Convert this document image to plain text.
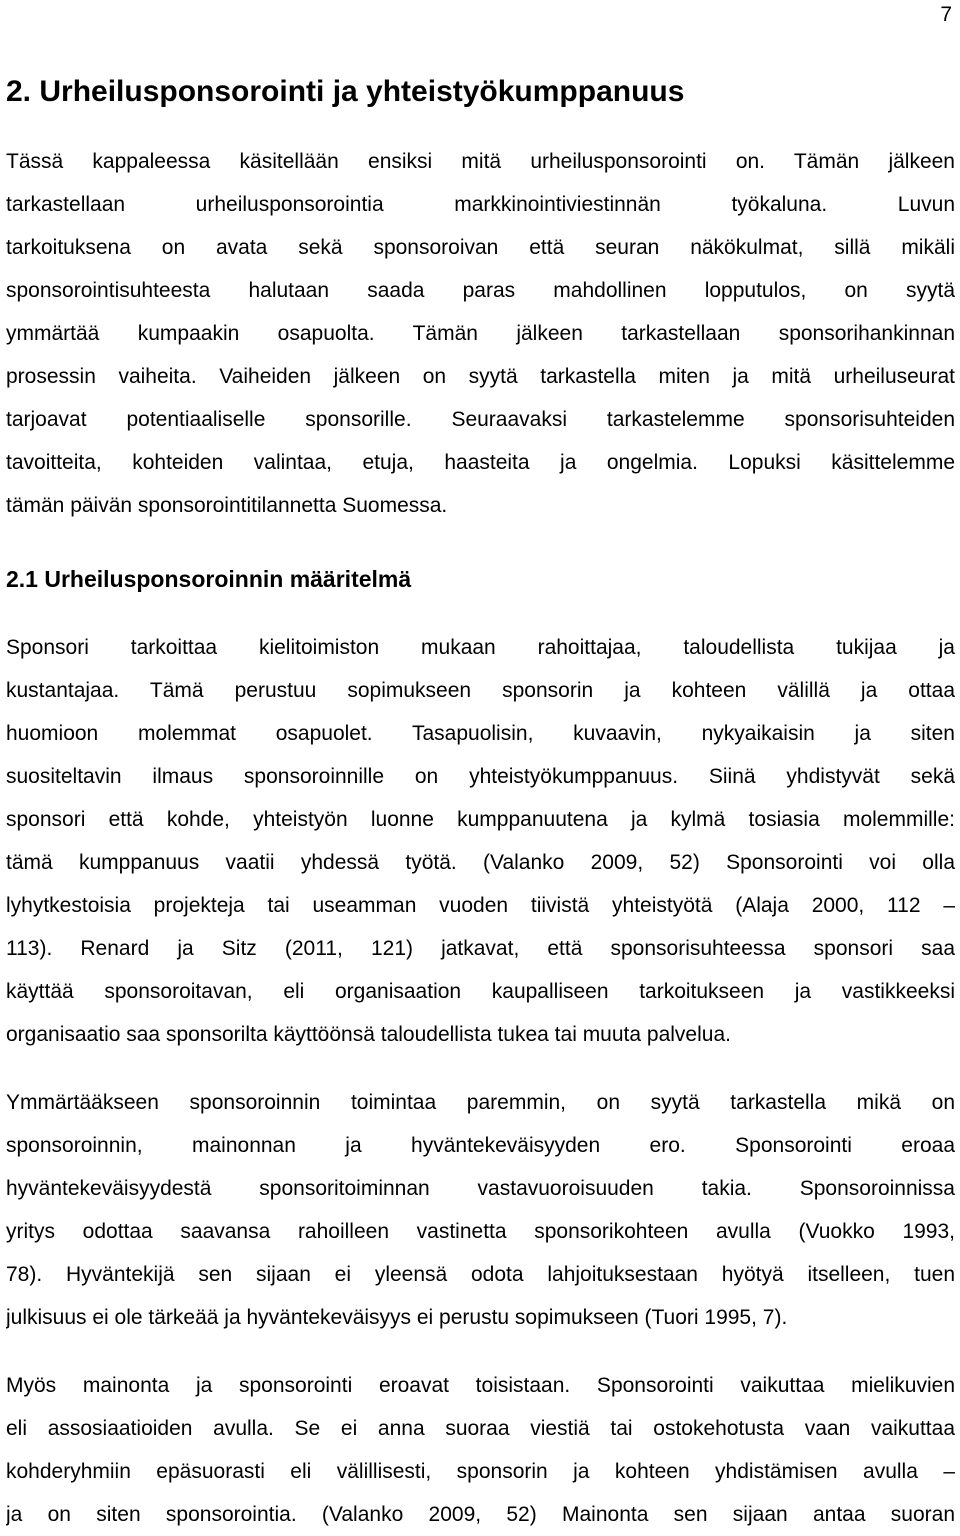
7
2. Urheilusponsorointi ja yhteistyökumppanuus
Tässä kappaleessa käsitellään ensiksi mitä urheilusponsorointi on. Tämän jälkeen
tarkastellaan urheilusponsorointia markkinointiviestinnän työkaluna. Luvun
tarkoituksena on avata sekä sponsoroivan että seuran näkökulmat, sillä mikäli
sponsorointisuhteesta halutaan saada paras mahdollinen lopputulos, on syytä
ymmärtää kumpaakin osapuolta. Tämän jälkeen tarkastellaan sponsorihankinnan
prosessin vaiheita. Vaiheiden jälkeen on syytä tarkastella miten ja mitä urheiluseurat
tarjoavat potentiaaliselle sponsorille. Seuraavaksi tarkastelemme sponsorisuhteiden
tavoitteita, kohteiden valintaa, etuja, haasteita ja ongelmia. Lopuksi käsittelemme
tämän päivän sponsorointitilannetta Suomessa.
2.1 Urheilusponsoroinnin määritelmä
Sponsori tarkoittaa kielitoimiston mukaan rahoittajaa, taloudellista tukijaa ja
kustantajaa. Tämä perustuu sopimukseen sponsorin ja kohteen välillä ja ottaa
huomioon molemmat osapuolet. Tasapuolisin, kuvaavin, nykyaikaisin ja siten
suositeltavin ilmaus sponsoroinnille on yhteistyökumppanuus. Siinä yhdistyvät sekä
sponsori että kohde, yhteistyön luonne kumppanuutena ja kylmä tosiasia molemmille:
tämä kumppanuus vaatii yhdessä työtä. (Valanko 2009, 52) Sponsorointi voi olla
lyhytkestoisia projekteja tai useamman vuoden tiivistä yhteistyötä (Alaja 2000, 112 –
113). Renard ja Sitz (2011, 121) jatkavat, että sponsorisuhteessa sponsori saa
käyttää sponsoroitavan, eli organisaation kaupalliseen tarkoitukseen ja vastikkeeksi
organisaatio saa sponsorilta käyttöönsä taloudellista tukea tai muuta palvelua.
Ymmärtääkseen sponsoroinnin toimintaa paremmin, on syytä tarkastella mikä on
sponsoroinnin, mainonnan ja hyväntekeväisyyden ero. Sponsorointi eroaa
hyväntekeväisyydestä sponsoritoiminnan vastavuoroisuuden takia. Sponsoroinnissa
yritys odottaa saavansa rahoilleen vastinetta sponsorikohteen avulla (Vuokko 1993,
78). Hyväntekijä sen sijaan ei yleensä odota lahjoituksestaan hyötyä itselleen, tuen
julkisuus ei ole tärkeää ja hyväntekeväisyys ei perustu sopimukseen (Tuori 1995, 7).
Myös mainonta ja sponsorointi eroavat toisistaan. Sponsorointi vaikuttaa mielikuvien
eli assosiaatioiden avulla. Se ei anna suoraa viestiä tai ostokehotusta vaan vaikuttaa
kohderyhmiin epäsuorasti eli välillisesti, sponsorin ja kohteen yhdistämisen avulla –
ja on siten sponsorointia. (Valanko 2009, 52) Mainonta sen sijaan antaa suoran
